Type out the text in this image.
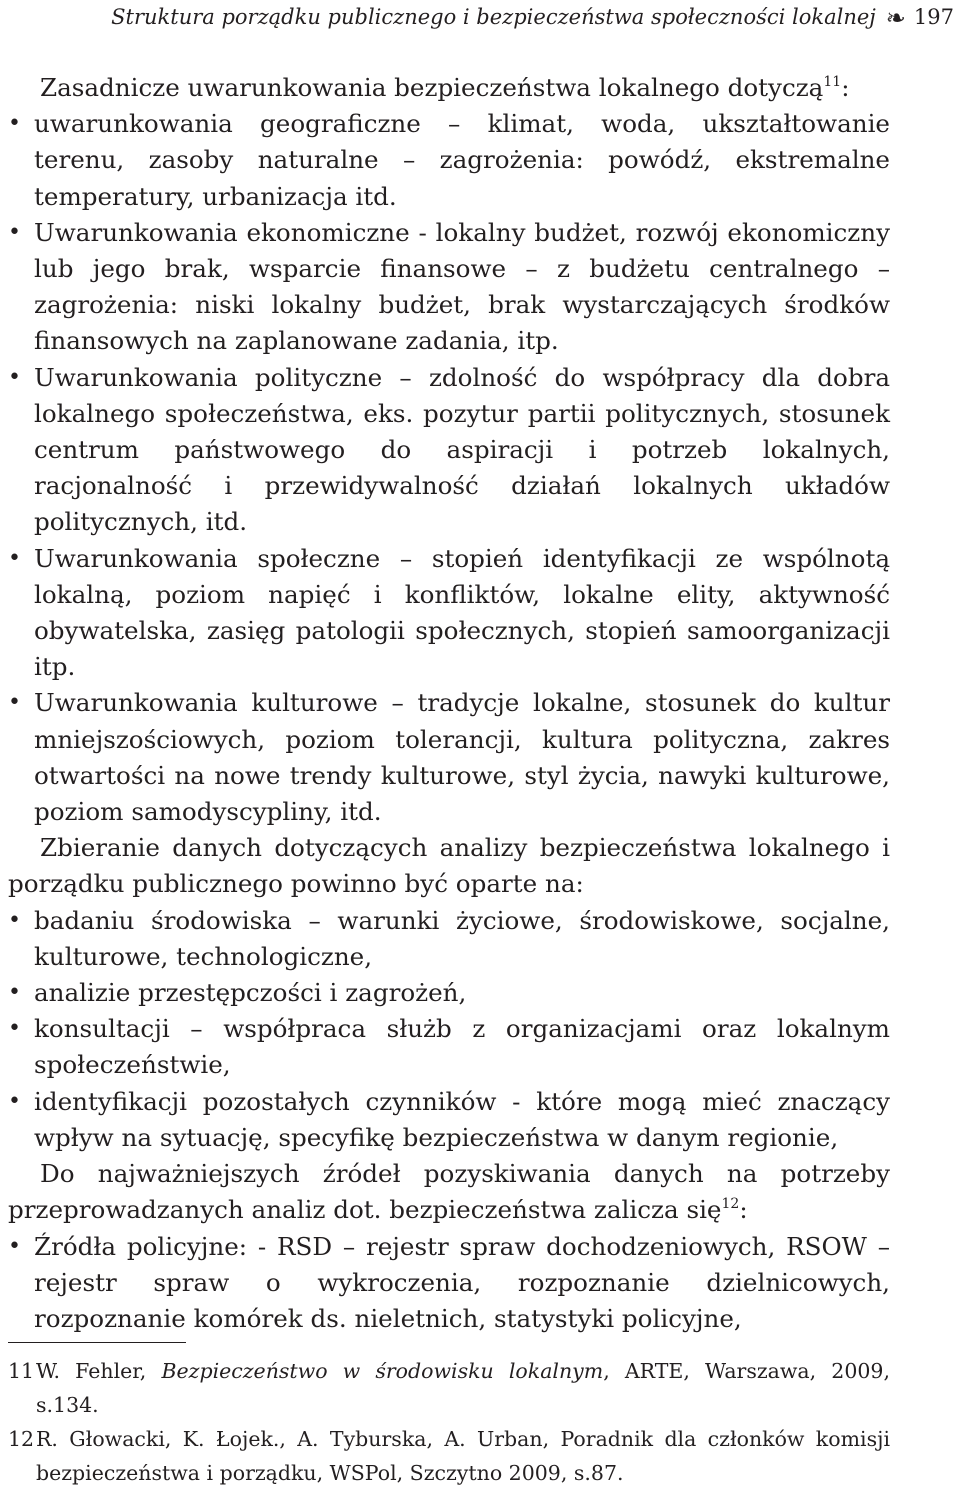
Struktura porządku publicznego i bezpieczeństwa społeczności lokalnej ❧ 197

Zasadnicze uwarunkowania bezpieczeństwa lokalnego dotyczą$^{11}$:

• uwarunkowania geograficzne – klimat, woda, ukształtowanie terenu, zasoby naturalne – zagrożenia: powódź, ekstremalne temperatury, urbanizacja itd.
• Uwarunkowania ekonomiczne - lokalny budżet, rozwój ekonomiczny lub jego brak, wsparcie finansowe – z budżetu centralnego – zagrożenia: niski lokalny budżet, brak wystarczających środków finansowych na zaplanowane zadania, itp.
• Uwarunkowania polityczne – zdolność do współpracy dla dobra lokalnego społeczeństwa, eks. pozytur partii politycznych, stosunek centrum państwowego do aspiracji i potrzeb lokalnych, racjonalność i przewidywalność działań lokalnych układów politycznych, itd.
• Uwarunkowania społeczne – stopień identyfikacji ze wspólnotą lokalną, poziom napięć i konfliktów, lokalne elity, aktywność obywatelska, zasięg patologii społecznych, stopień samoorganizacji itp.
• Uwarunkowania kulturowe – tradycje lokalne, stosunek do kultur mniejszościowych, poziom tolerancji, kultura polityczna, zakres otwartości na nowe trendy kulturowe, styl życia, nawyki kulturowe, poziom samodyscypliny, itd.

Zbieranie danych dotyczących analizy bezpieczeństwa lokalnego i porządku publicznego powinno być oparte na:

• badaniu środowiska – warunki życiowe, środowiskowe, socjalne, kulturowe, technologiczne,
• analizie przestępczości i zagrożeń,
• konsultacji – współpraca służb z organizacjami oraz lokalnym społeczeństwie,
• identyfikacji pozostałych czynników - które mogą mieć znaczący wpływ na sytuację, specyfikę bezpieczeństwa w danym regionie,

Do najważniejszych źródeł pozyskiwania danych na potrzeby przeprowadzanych analiz dot. bezpieczeństwa zalicza się$^{12}$:

• Źródła policyjne: - RSD – rejestr spraw dochodzeniowych, RSOW – rejestr spraw o wykroczenia, rozpoznanie dzielnicowych, rozpoznanie komórek ds. nieletnich, statystyki policyjne,
11 W. Fehler, Bezpieczeństwo w środowisku lokalnym, ARTE, Warszawa, 2009, s.134.
12 R. Głowacki, K. Łojek., A. Tyburska, A. Urban, Poradnik dla członków komisji bezpieczeństwa i porządku, WSPol, Szczytno 2009, s.87.
